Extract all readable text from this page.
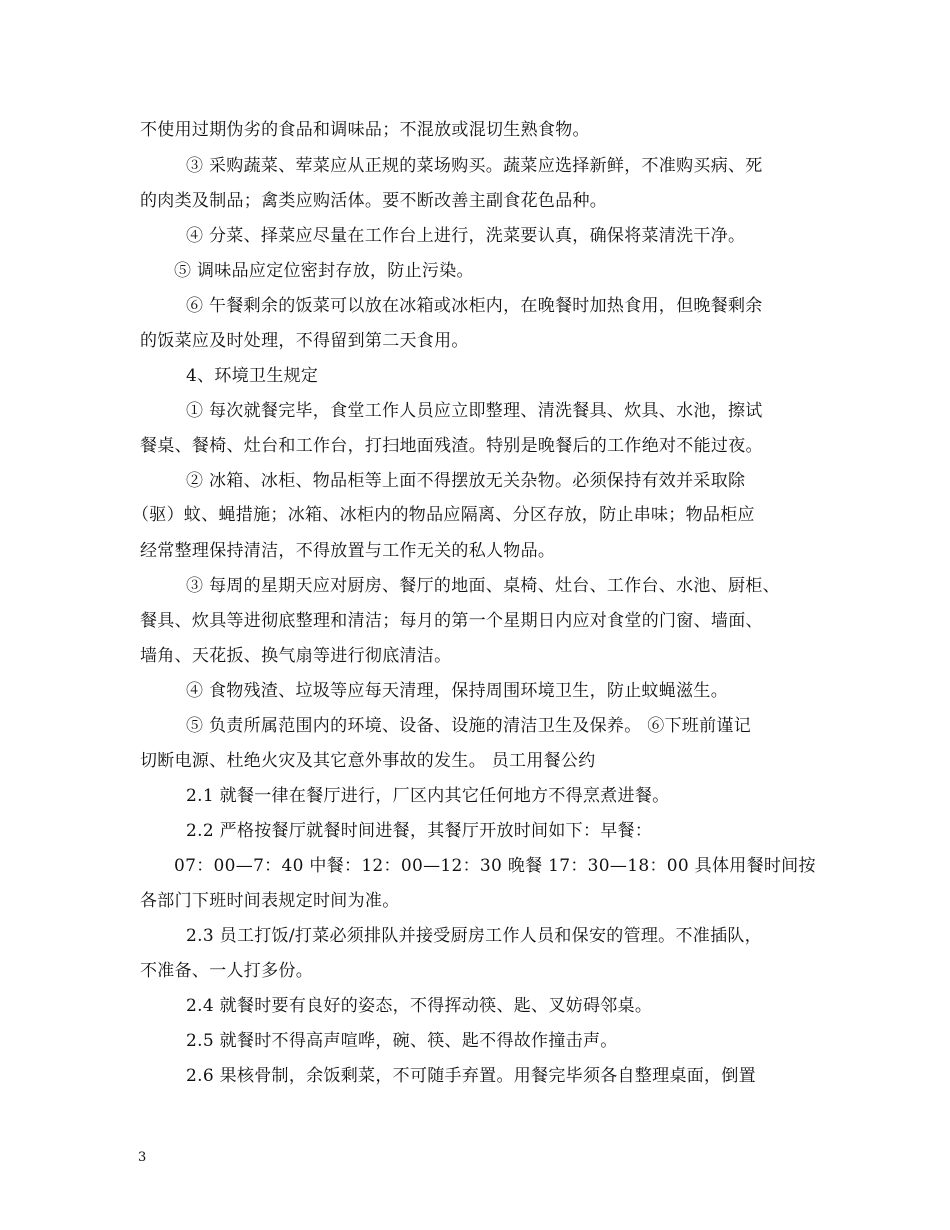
不使用过期伪劣的食品和调味品；不混放或混切生熟食物。
③ 采购蔬菜、荤菜应从正规的菜场购买。蔬菜应选择新鲜，不准购买病、死
的肉类及制品；禽类应购活体。要不断改善主副食花色品种。
④ 分菜、择菜应尽量在工作台上进行，洗菜要认真，确保将菜清洗干净。
⑤ 调味品应定位密封存放，防止污染。
⑥ 午餐剩余的饭菜可以放在冰箱或冰柜内，在晚餐时加热食用，但晚餐剩余
的饭菜应及时处理，不得留到第二天食用。
4、环境卫生规定
① 每次就餐完毕，食堂工作人员应立即整理、清洗餐具、炊具、水池，擦试
餐桌、餐椅、灶台和工作台，打扫地面残渣。特别是晚餐后的工作绝对不能过夜。
② 冰箱、冰柜、物品柜等上面不得摆放无关杂物。必须保持有效并采取除
（驱）蚊、蝇措施；冰箱、冰柜内的物品应隔离、分区存放，防止串味；物品柜应
经常整理保持清洁，不得放置与工作无关的私人物品。
③ 每周的星期天应对厨房、餐厅的地面、桌椅、灶台、工作台、水池、厨柜、
餐具、炊具等进彻底整理和清洁；每月的第一个星期日内应对食堂的门窗、墙面、
墙角、天花扳、换气扇等进行彻底清洁。
④ 食物残渣、垃圾等应每天清理，保持周围环境卫生，防止蚊蝇滋生。
⑤ 负责所属范围内的环境、设备、设施的清洁卫生及保养。 ⑥下班前谨记
切断电源、杜绝火灾及其它意外事故的发生。 员工用餐公约
2.1 就餐一律在餐厅进行，厂区内其它任何地方不得烹煮进餐。
2.2 严格按餐厅就餐时间进餐，其餐厅开放时间如下：早餐：
07：00—7：40 中餐：12：00—12：30 晚餐 17：30—18：00 具体用餐时间按
各部门下班时间表规定时间为准。
2.3 员工打饭/打菜必须排队并接受厨房工作人员和保安的管理。不准插队，
不准备、一人打多份。
2.4 就餐时要有良好的姿态，不得挥动筷、匙、叉妨碍邻桌。
2.5 就餐时不得高声喧哗，碗、筷、匙不得故作撞击声。
2.6 果核骨制，余饭剩菜，不可随手弃置。用餐完毕须各自整理桌面，倒置
3
